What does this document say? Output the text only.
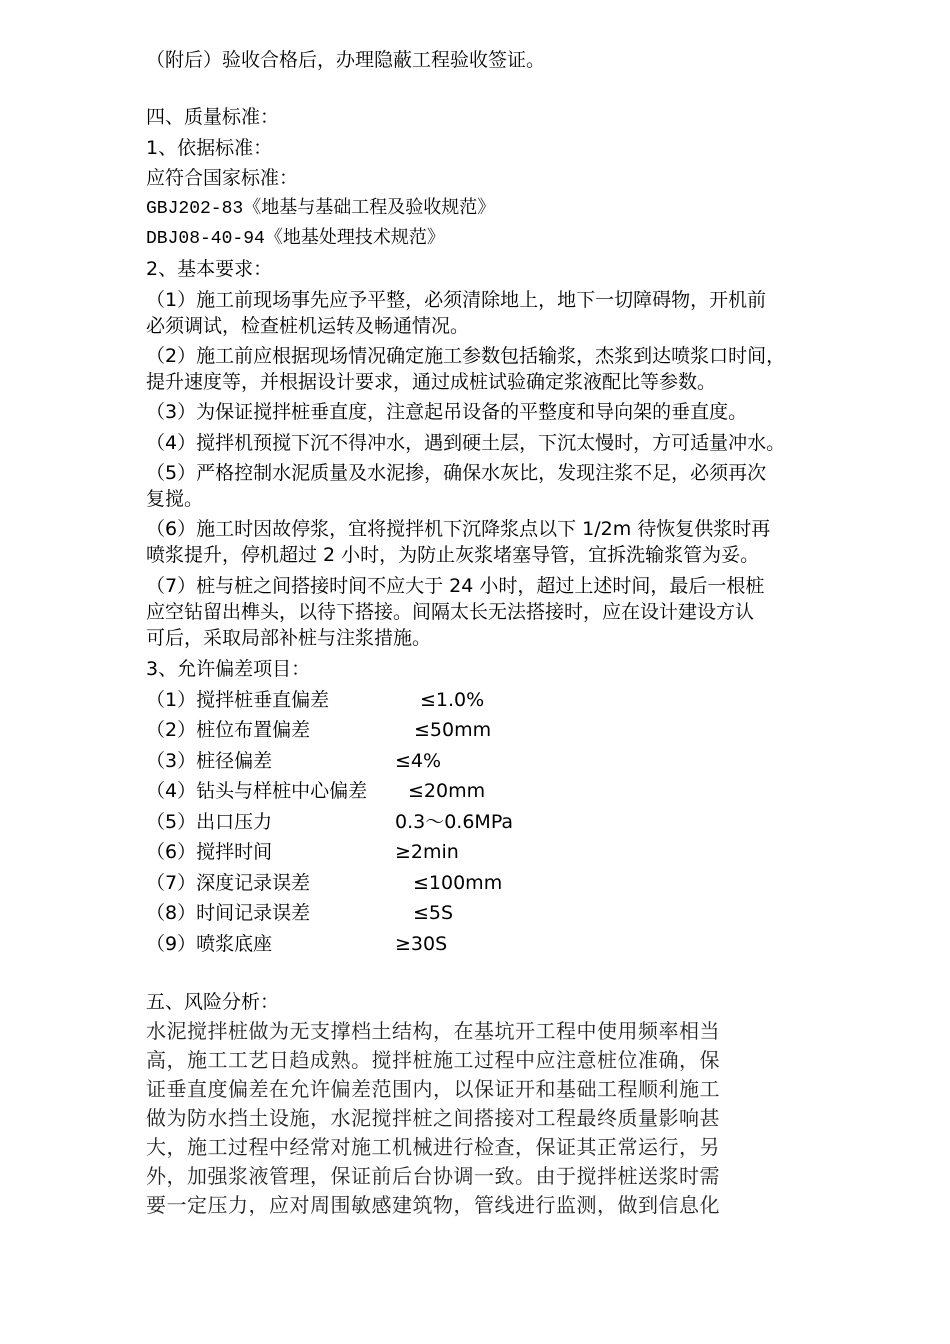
（附后）验收合格后，办理隐蔽工程验收签证。
四、质量标准：
1、依据标准：
应符合国家标准：
GBJ202-83《地基与基础工程及验收规范》
DBJ08-40-94《地基处理技术规范》
2、基本要求：
（1）施工前现场事先应予平整，必须清除地上，地下一切障碍物，开机前
必须调试，检查桩机运转及畅通情况。
（2）施工前应根据现场情况确定施工参数包括输浆，杰浆到达喷浆口时间，
提升速度等，并根据设计要求，通过成桩试验确定浆液配比等参数。
（3）为保证搅拌桩垂直度，注意起吊设备的平整度和导向架的垂直度。
（4）搅拌机预搅下沉不得冲水，遇到硬土层，下沉太慢时，方可适量冲水。
（5）严格控制水泥质量及水泥掺，确保水灰比，发现注浆不足，必须再次
复搅。
（6）施工时因故停浆，宜将搅拌机下沉降浆点以下 1/2m 待恢复供浆时再
喷浆提升，停机超过 2 小时，为防止灰浆堵塞导管，宜拆洗输浆管为妥。
（7）桩与桩之间搭接时间不应大于 24 小时，超过上述时间，最后一根桩
应空钻留出榫头，以待下搭接。间隔太长无法搭接时，应在设计建设方认
可后，采取局部补桩与注浆措施。
3、允许偏差项目：
（1）搅拌桩垂直偏差	≤1.0%
（2）桩位布置偏差	≤50mm
（3）桩径偏差	≤4%
（4）钻头与样桩中心偏差 ≤20mm
（5）出口压力	0.3～0.6MPa
（6）搅拌时间	≥2min
（7）深度记录误差	≤100mm
（8）时间记录误差	≤5S
（9）喷浆底座	≥30S
五、风险分析：
水泥搅拌桩做为无支撑档土结构，在基坑开工程中使用频率相当
高，施工工艺日趋成熟。搅拌桩施工过程中应注意桩位准确，保
证垂直度偏差在允许偏差范围内，以保证开和基础工程顺利施工
做为防水挡土设施，水泥搅拌桩之间搭接对工程最终质量影响甚
大，施工过程中经常对施工机械进行检查，保证其正常运行，另
外，加强浆液管理，保证前后台协调一致。由于搅拌桩送浆时需
要一定压力，应对周围敏感建筑物，管线进行监测，做到信息化
